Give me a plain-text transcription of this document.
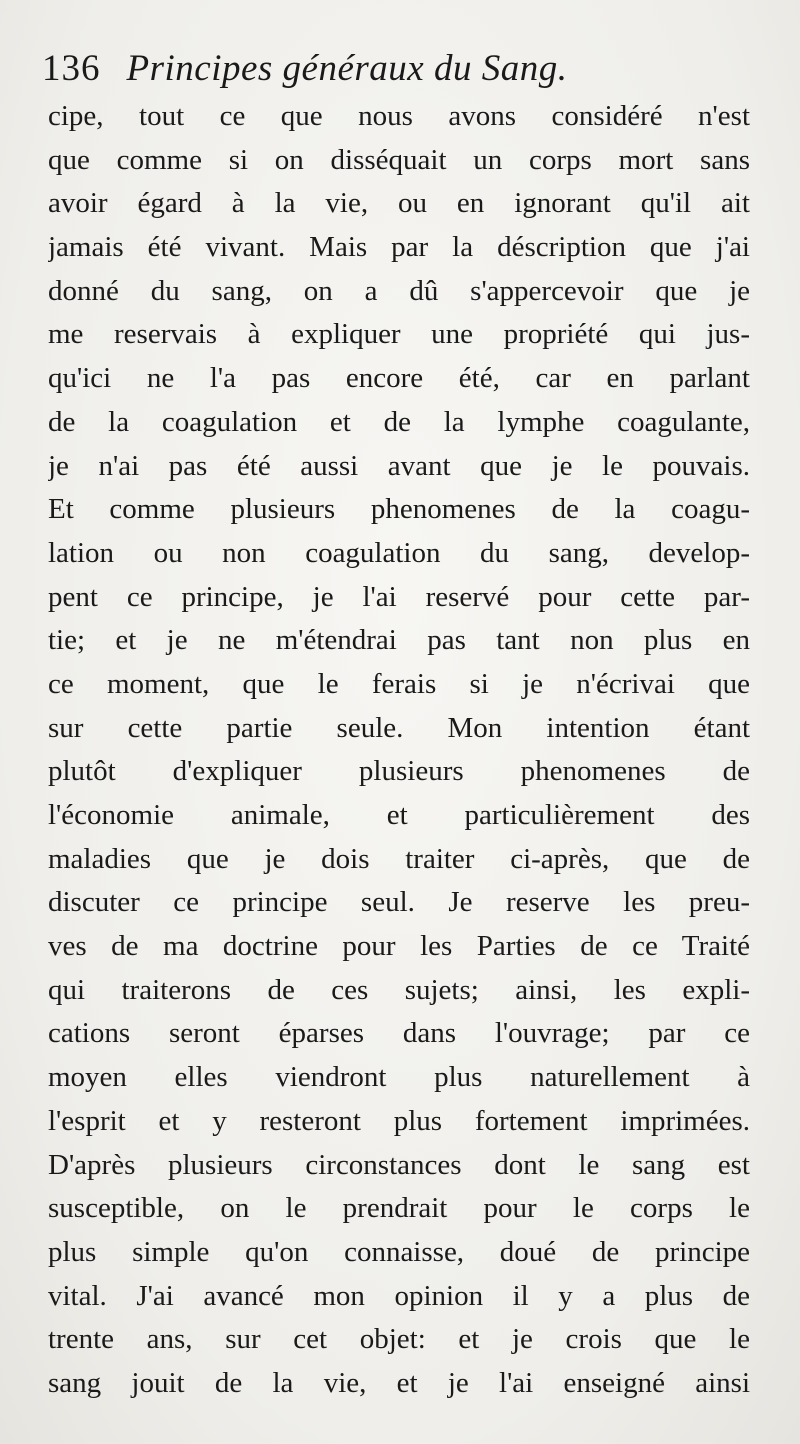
136 Principes généraux du Sang.
cipe, tout ce que nous avons considéré n'est
que comme si on disséquait un corps mort sans
avoir égard à la vie, ou en ignorant qu'il ait
jamais été vivant. Mais par la déscription que j'ai
donné du sang, on a dû s'appercevoir que je
me reservais à expliquer une propriété qui jus-
qu'ici ne l'a pas encore été, car en parlant
de la coagulation et de la lymphe coagulante,
je n'ai pas été aussi avant que je le pouvais.
Et comme plusieurs phenomenes de la coagu-
lation ou non coagulation du sang, develop-
pent ce principe, je l'ai reservé pour cette par-
tie; et je ne m'étendrai pas tant non plus en
ce moment, que le ferais si je n'écrivai que
sur cette partie seule. Mon intention étant
plutôt d'expliquer plusieurs phenomenes de
l'économie animale, et particulièrement des
maladies que je dois traiter ci-après, que de
discuter ce principe seul. Je reserve les preu-
ves de ma doctrine pour les Parties de ce Traité
qui traiterons de ces sujets; ainsi, les expli-
cations seront éparses dans l'ouvrage; par ce
moyen elles viendront plus naturellement à
l'esprit et y resteront plus fortement imprimées.
D'après plusieurs circonstances dont le sang est
susceptible, on le prendrait pour le corps le
plus simple qu'on connaisse, doué de principe
vital. J'ai avancé mon opinion il y a plus de
trente ans, sur cet objet: et je crois que le
sang jouit de la vie, et je l'ai enseigné ainsi
